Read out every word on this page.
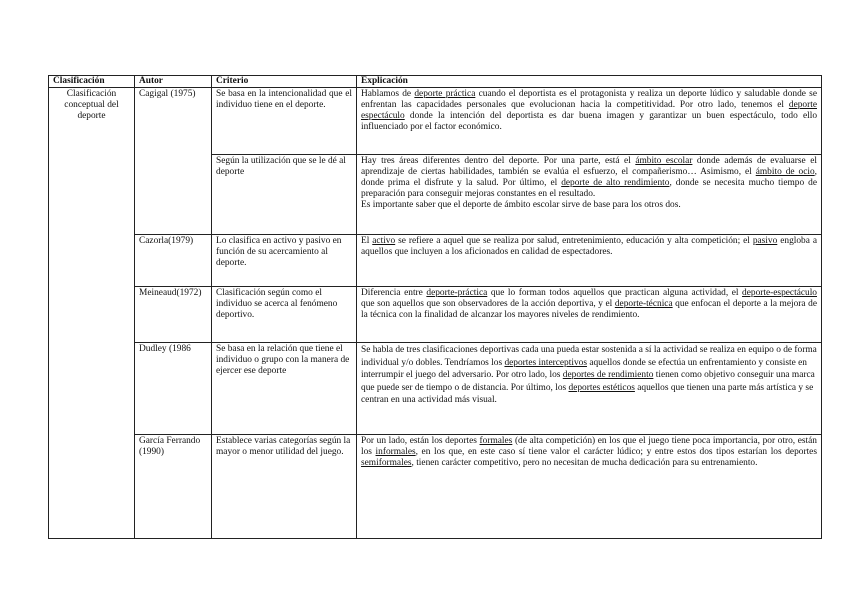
Clasificación	Autor	Criterio	Explicación
Clasificación conceptual del deporte	Cagigal (1975)	Se basa en la intencionalidad que el individuo tiene en el deporte.	Hablamos de deporte práctica cuando el deportista es el protagonista y realiza un deporte lúdico y saludable donde se enfrentan las capacidades personales que evolucionan hacia la competitividad. Por otro lado, tenemos el deporte espectáculo donde la intención del deportista es dar buena imagen y garantizar un buen espectáculo, todo ello influenciado por el factor económico.
		Según la utilización que se le dé al deporte	Hay tres áreas diferentes dentro del deporte. Por una parte, está el ámbito escolar donde además de evaluarse el aprendizaje de ciertas habilidades, también se evalúa el esfuerzo, el compañerismo… Asimismo, el ámbito de ocio, donde prima el disfrute y la salud. Por último, el deporte de alto rendimiento, donde se necesita mucho tiempo de preparación para conseguir mejoras constantes en el resultado.
Es importante saber que el deporte de ámbito escolar sirve de base para los otros dos.
	Cazorla(1979)	Lo clasifica en activo y pasivo en función de su acercamiento al deporte.	El activo se refiere a aquel que se realiza por salud, entretenimiento, educación y alta competición; el pasivo engloba a aquellos que incluyen a los aficionados en calidad de espectadores.
	Meineaud(1972)	Clasificación según como el individuo se acerca al fenómeno deportivo.	Diferencia entre deporte-práctica que lo forman todos aquellos que practican alguna actividad, el deporte-espectáculo que son aquellos que son observadores de la acción deportiva, y el deporte-técnica que enfocan el deporte a la mejora de la técnica con la finalidad de alcanzar los mayores niveles de rendimiento.
	Dudley (1986	Se basa en la relación que tiene el individuo o grupo con la manera de ejercer ese deporte	Se habla de tres clasificaciones deportivas cada una pueda estar sostenida a sí la actividad se realiza en equipo o de forma individual y/o dobles. Tendríamos los deportes interceptivos aquellos donde se efectúa un enfrentamiento y consiste en interrumpir el juego del adversario. Por otro lado, los deportes de rendimiento tienen como objetivo conseguir una marca que puede ser de tiempo o de distancia. Por último, los deportes estéticos aquellos que tienen una parte más artística y se centran en una actividad más visual.
	García Ferrando (1990)	Establece varias categorías según la mayor o menor utilidad del juego.	Por un lado, están los deportes formales (de alta competición) en los que el juego tiene poca importancia, por otro, están los informales, en los que, en este caso sí tiene valor el carácter lúdico; y entre estos dos tipos estarían los deportes semiformales, tienen carácter competitivo, pero no necesitan de mucha dedicación para su entrenamiento.
